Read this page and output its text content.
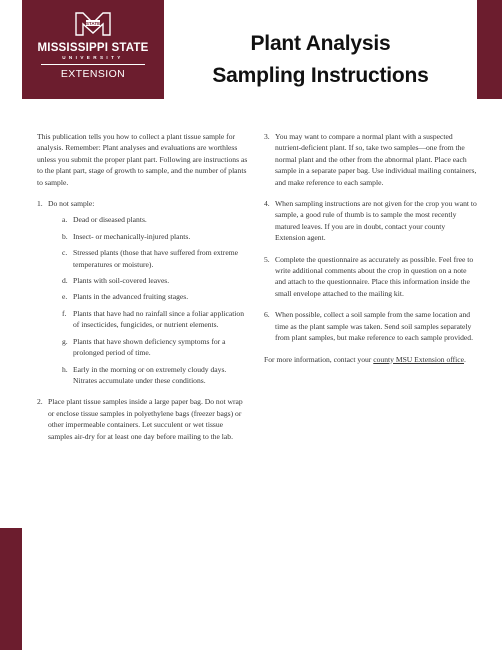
STATE
MISSISSIPPI STATE
UNIVERSITY
EXTENSION
Plant Analysis
Sampling Instructions

This publication tells you how to collect a plant tissue sample for analysis. Remember: Plant analyses and evaluations are worthless unless you submit the proper plant part. Following are instructions as to the plant part, stage of growth to sample, and the number of plants to sample.

1. Do not sample:
a. Dead or diseased plants.
b. Insect- or mechanically-injured plants.
c. Stressed plants (those that have suffered from extreme temperatures or moisture).
d. Plants with soil-covered leaves.
e. Plants in the advanced fruiting stages.
f. Plants that have had no rainfall since a foliar application of insecticides, fungicides, or nutrient elements.
g. Plants that have shown deficiency symptoms for a prolonged period of time.
h. Early in the morning or on extremely cloudy days. Nitrates accumulate under these conditions.
2. Place plant tissue samples inside a large paper bag. Do not wrap or enclose tissue samples in polyethylene bags (freezer bags) or other impermeable containers. Let succulent or wet tissue samples air-dry for at least one day before mailing to the lab.
3. You may want to compare a normal plant with a suspected nutrient-deficient plant. If so, take two samples—one from the normal plant and the other from the abnormal plant. Place each sample in a separate paper bag. Use individual mailing containers, and make reference to each sample.
4. When sampling instructions are not given for the crop you want to sample, a good rule of thumb is to sample the most recently matured leaves. If you are in doubt, contact your county Extension agent.
5. Complete the questionnaire as accurately as possible. Feel free to write additional comments about the crop in question on a note and attach to the questionnaire. Place this information inside the small envelope attached to the mailing kit.
6. When possible, collect a soil sample from the same location and time as the plant sample was taken. Send soil samples separately from plant samples, but make reference to each sample provided.

For more information, contact your county MSU Extension office.
